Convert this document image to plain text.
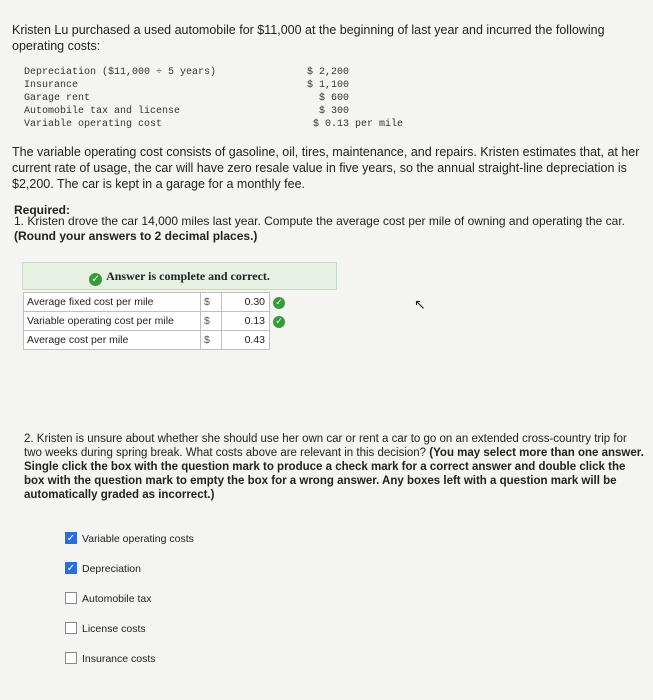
Kristen Lu purchased a used automobile for $11,000 at the beginning of last year and incurred the following operating costs:
Depreciation ($11,000 ÷ 5 years)	$ 2,200
Insurance	$ 1,100
Garage rent	$ 600
Automobile tax and license	$ 300
Variable operating cost	$ 0.13 per mile
The variable operating cost consists of gasoline, oil, tires, maintenance, and repairs. Kristen estimates that, at her current rate of usage, the car will have zero resale value in five years, so the annual straight-line depreciation is $2,200. The car is kept in a garage for a monthly fee.
Required:
1. Kristen drove the car 14,000 miles last year. Compute the average cost per mile of owning and operating the car.
(Round your answers to 2 decimal places.)
✓ Answer is complete and correct.
Average fixed cost per mile	$	0.30	✓
Variable operating cost per mile	$	0.13	✓
Average cost per mile	$	0.43	
↖
2. Kristen is unsure about whether she should use her own car or rent a car to go on an extended cross-country trip for two weeks during spring break. What costs above are relevant in this decision? (You may select more than one answer. Single click the box with the question mark to produce a check mark for a correct answer and double click the box with the question mark to empty the box for a wrong answer. Any boxes left with a question mark will be automatically graded as incorrect.)
✓ Variable operating costs
✓ Depreciation
Automobile tax
License costs
Insurance costs
